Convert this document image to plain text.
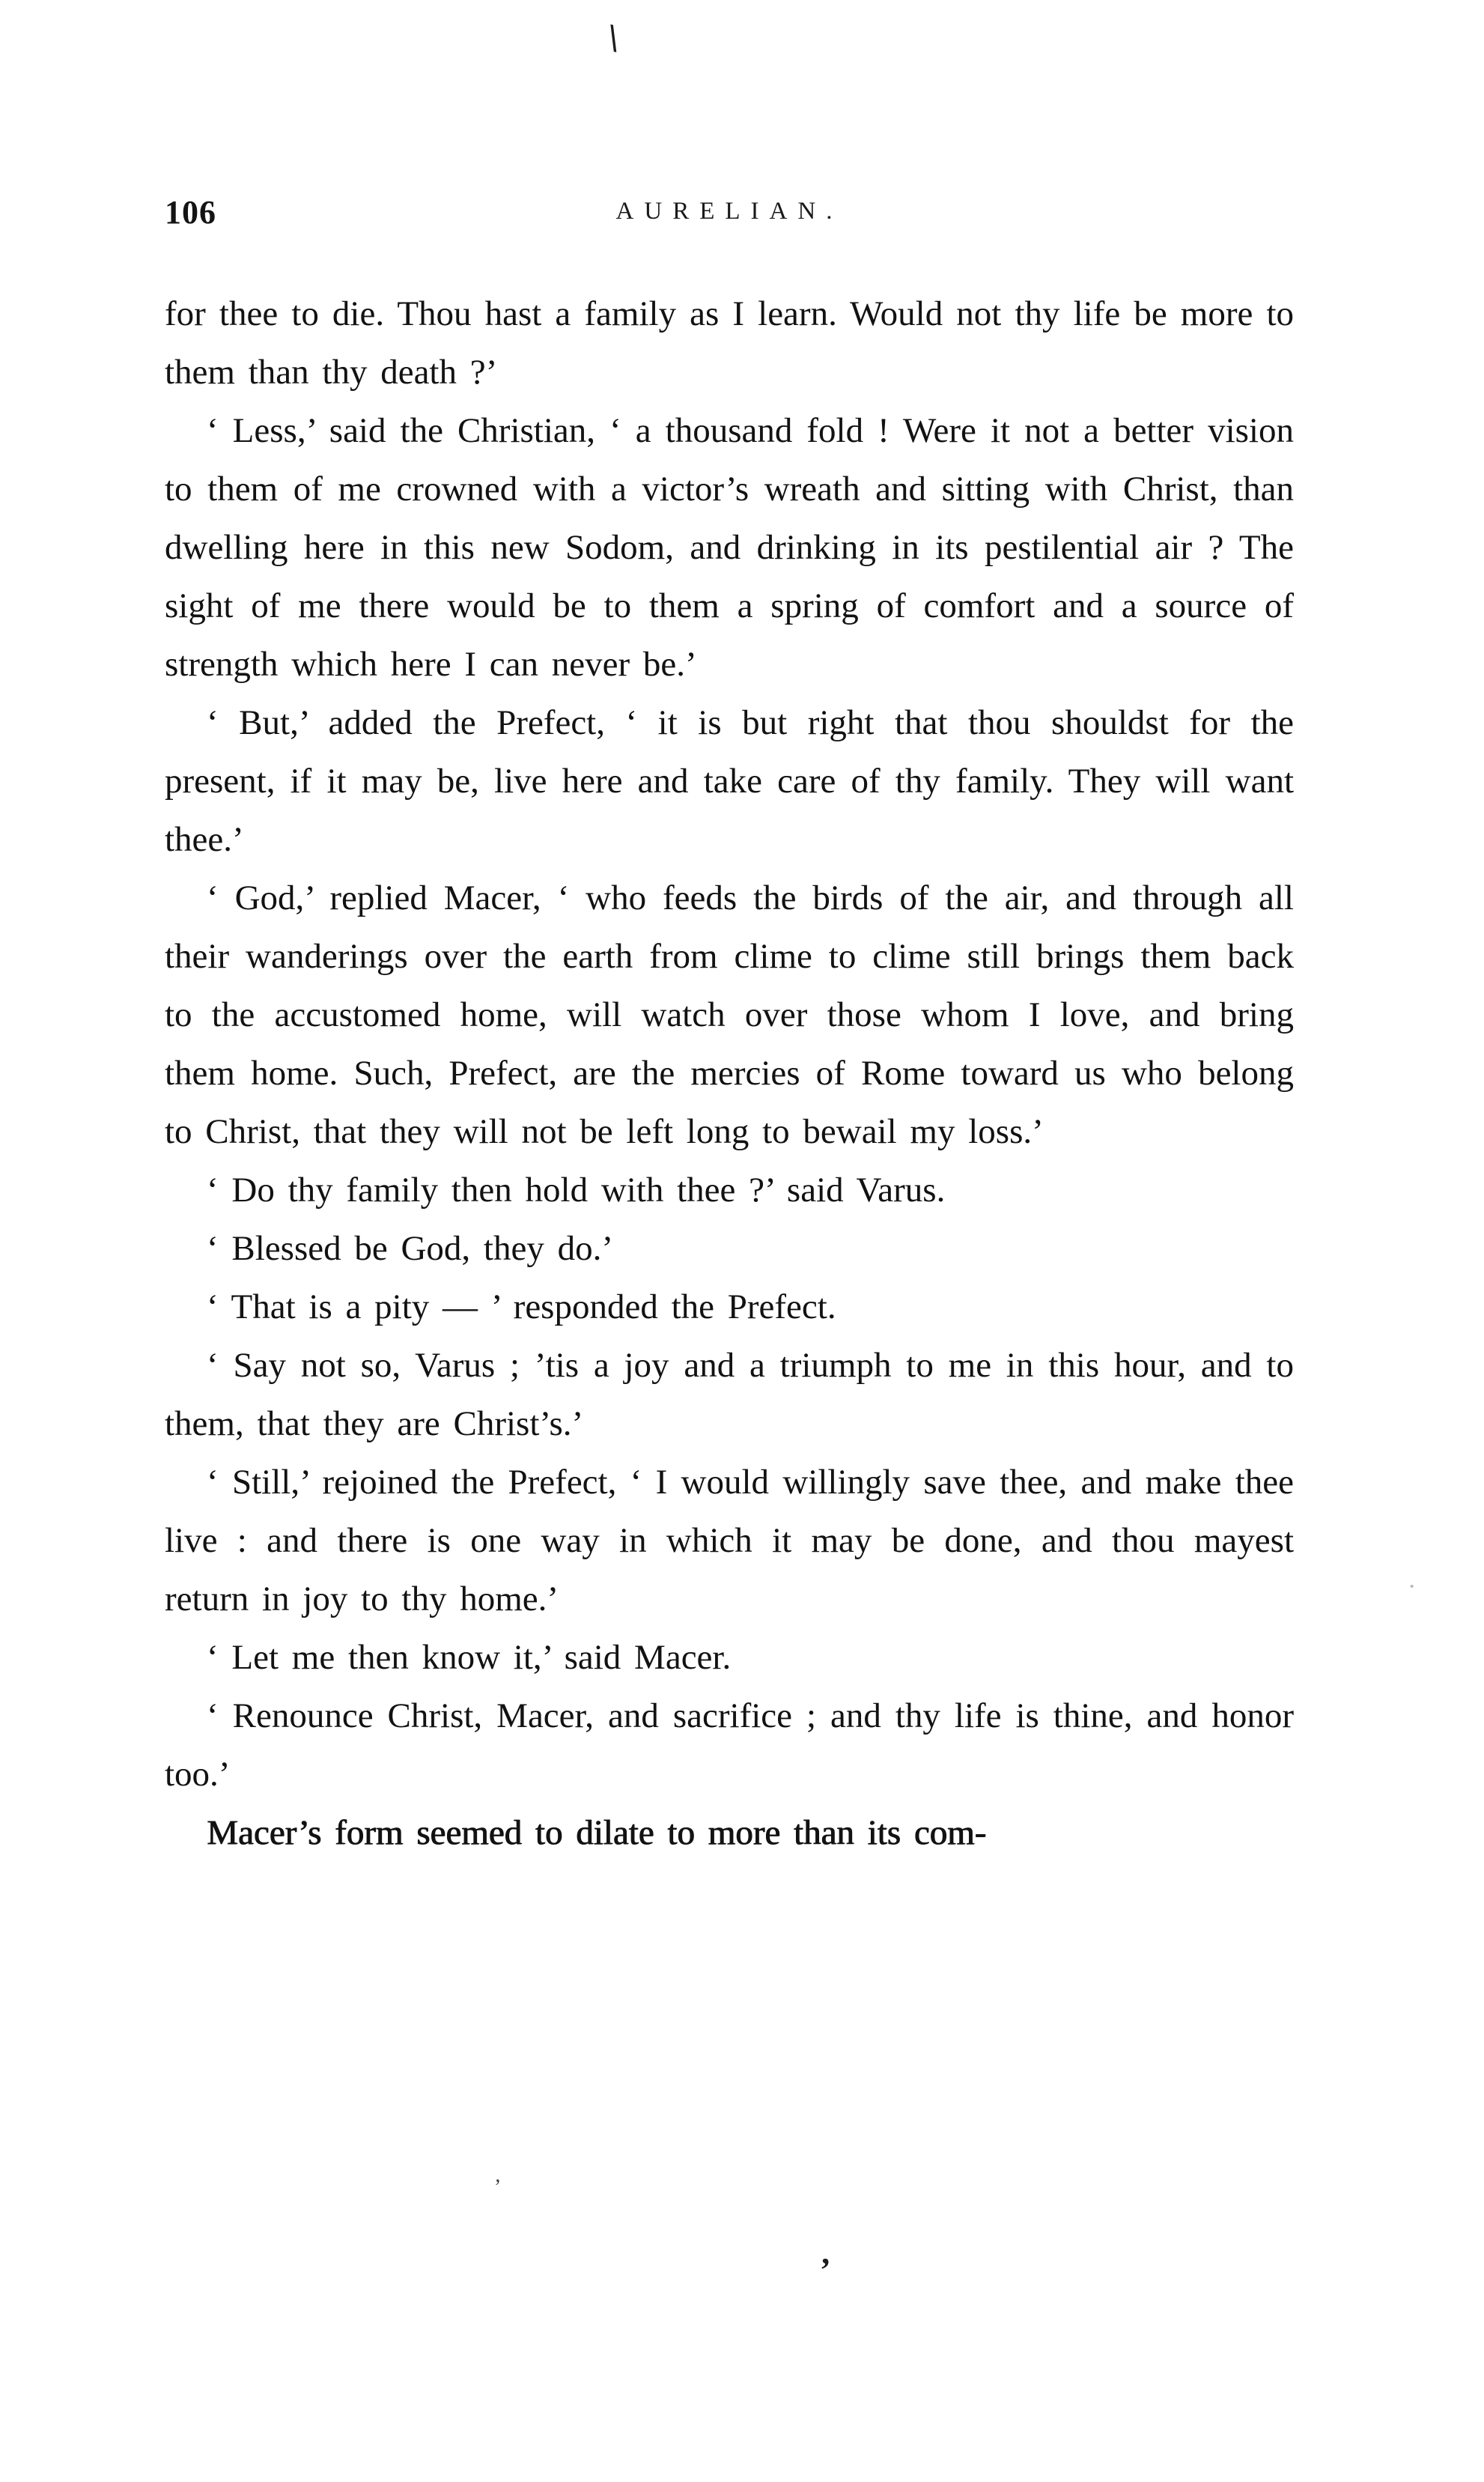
106	AURELIAN.

for thee to die. Thou hast a family as I learn. Would not thy life be more to them than thy death ?’

‘ Less,’ said the Christian, ‘ a thousand fold ! Were it not a better vision to them of me crowned with a victor’s wreath and sitting with Christ, than dwelling here in this new Sodom, and drinking in its pestilential air ? The sight of me there would be to them a spring of comfort and a source of strength which here I can never be.’

‘ But,’ added the Prefect, ‘ it is but right that thou shouldst for the present, if it may be, live here and take care of thy family. They will want thee.’

‘ God,’ replied Macer, ‘ who feeds the birds of the air, and through all their wanderings over the earth from clime to clime still brings them back to the accustomed home, will watch over those whom I love, and bring them home. Such, Prefect, are the mercies of Rome toward us who belong to Christ, that they will not be left long to bewail my loss.’

‘ Do thy family then hold with thee ?’ said Varus.

‘ Blessed be God, they do.’

‘ That is a pity — ’ responded the Prefect.

‘ Say not so, Varus ; ’tis a joy and a triumph to me in this hour, and to them, that they are Christ’s.’

‘ Still,’ rejoined the Prefect, ‘ I would willingly save thee, and make thee live : and there is one way in which it may be done, and thou mayest return in joy to thy home.’

‘ Let me then know it,’ said Macer.

‘ Renounce Christ, Macer, and sacrifice ; and thy life is thine, and honor too.’

Macer’s form seemed to dilate to more than its com-

\
’
’
·
